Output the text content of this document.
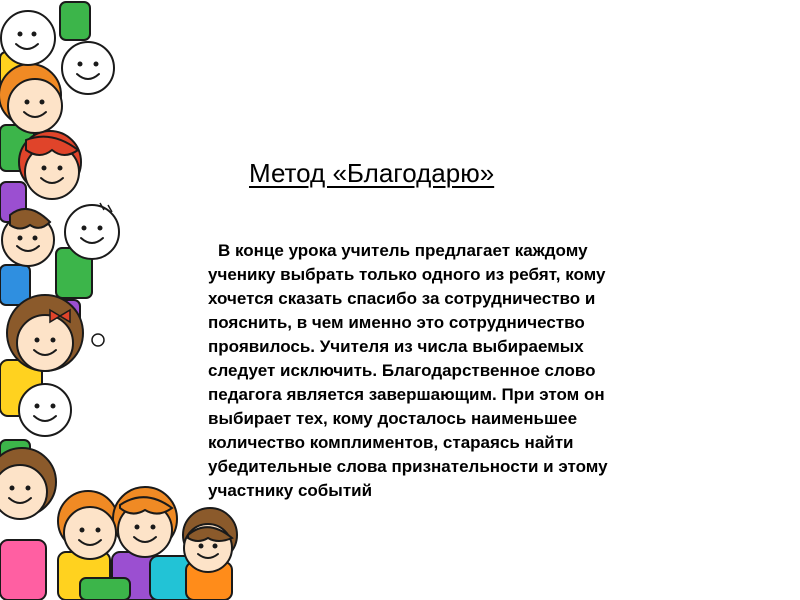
Метод «Благодарю»
В конце урока учитель предлагает каждому
ученику выбрать только одного из ребят, кому
хочется сказать спасибо за сотрудничество и
пояснить, в чем именно это сотрудничество
проявилось. Учителя из числа выбираемых
следует исключить. Благодарственное слово
педагога является завершающим. При этом он
выбирает тех, кому досталось наименьшее
количество комплиментов, стараясь найти
убедительные слова признательности и этому
участнику событий
